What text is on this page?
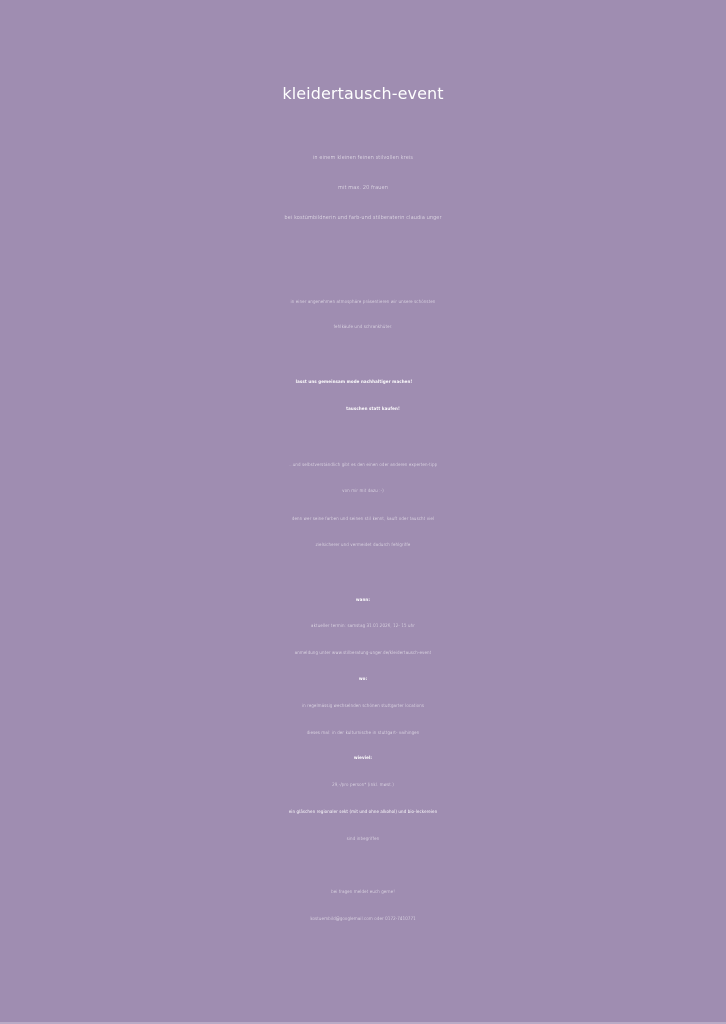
kleidertausch-event
in einem kleinen feinen stilvollen kreis
mit max. 20 frauen
bei kostümbildnerin und farb-und stilberaterin claudia unger
in einer angenehmen atmosphäre präsentieren wir unsere schönsten
fehlkäufe und schrankhüter.
lasst uns gemeinsam mode nachhaltiger machen!
tauschen statt kaufen!
...und selbstverständlich gibt es den einen oder anderen experten-tipp
von mir mit dazu :-)
denn wer seine farben und seinen stil kennt, kauft oder tauscht viel
zielsicherer und vermeidet dadurch fehlgriffe
wann:
aktueller termin: samstag 31.01.2026, 12- 15 uhr
anmeldung unter www.stilberatung-unger.de/kleidertausch-event
wo:
in regelmässig wechselnden schönen stuttgarter locations
dieses mal: in der kulturnische in stuttgart- vaihingen
wieviel:
29,-/pro person* (inkl. mwst.)
ein gläschen regionaler sekt (mit und ohne alkohol) und bio-leckereien
sind inbegriffen
bei fragen meldet euch gerne!
kostuembild@googlemail.com oder 0172-7410771
